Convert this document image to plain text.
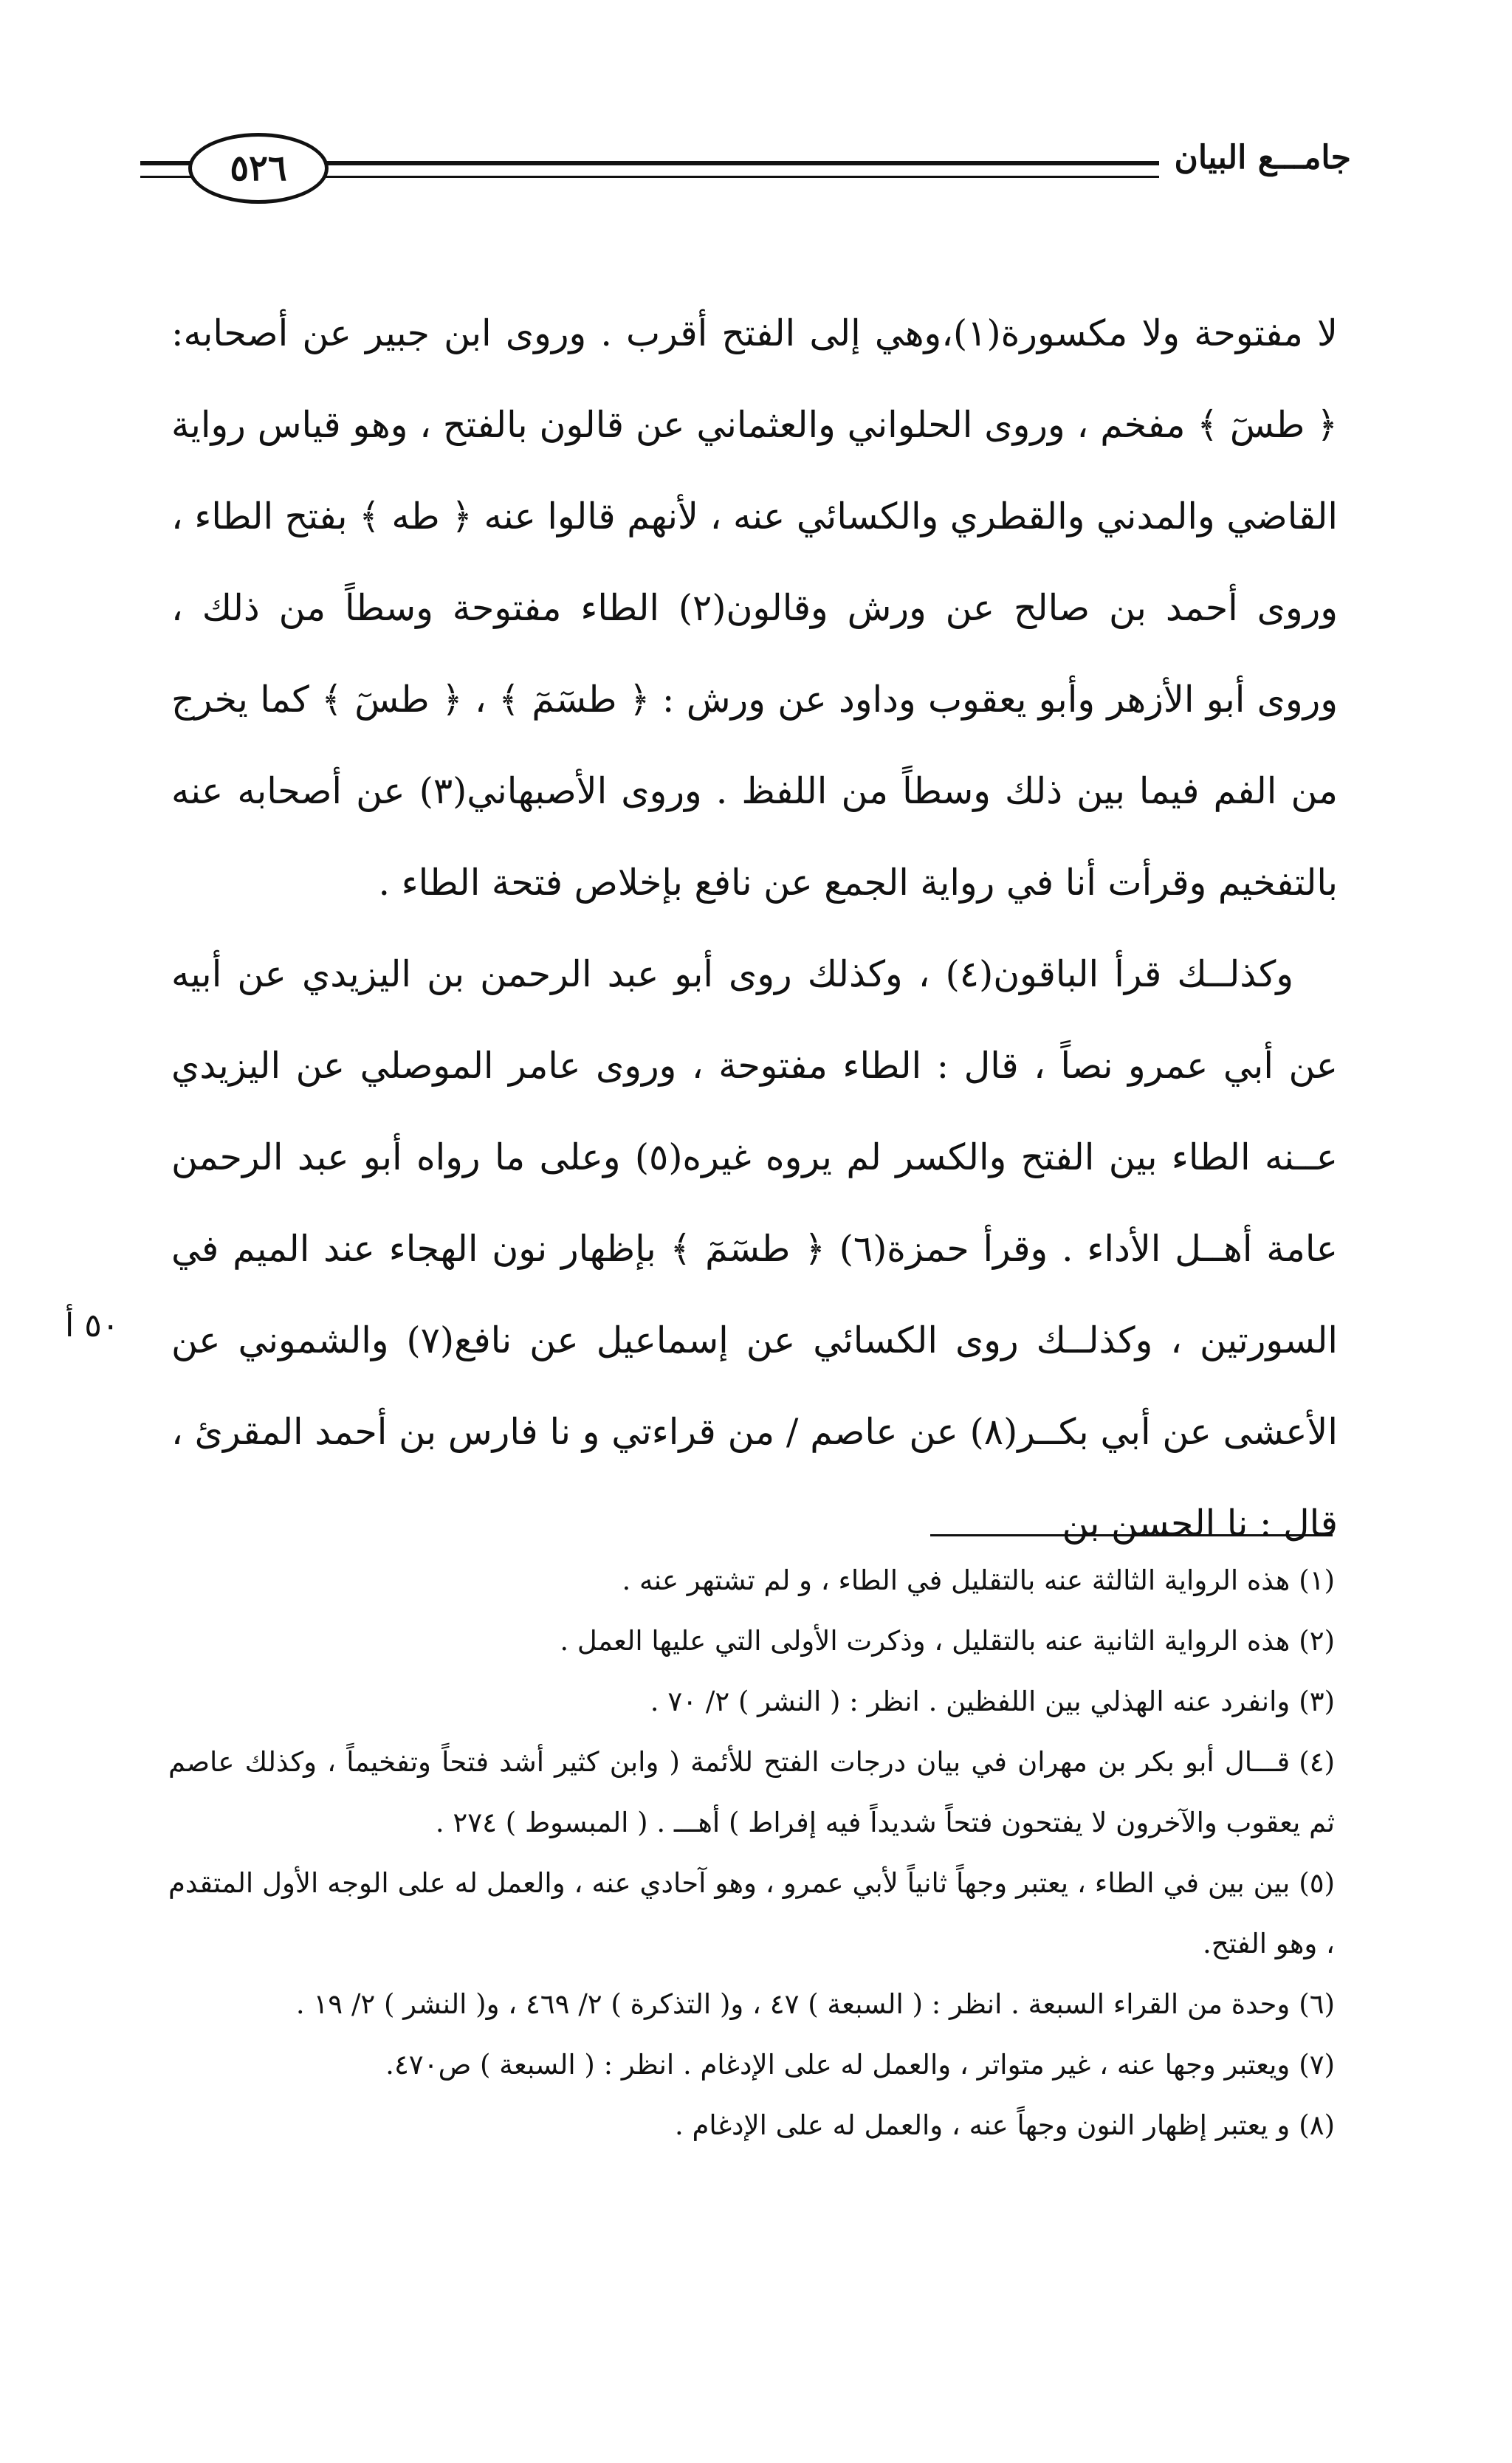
٥٢٦	جامـــع البيان

لا مفتوحة ولا مكسورة(١)،وهي إلى الفتح أقرب . وروى ابن جبير عن أصحابه: ﴿ طسٓ ﴾ مفخم ، وروى الحلواني والعثماني عن قالون بالفتح ، وهو قياس رواية القاضي والمدني والقطري والكسائي عنه ، لأنهم قالوا عنه ﴿ طه ﴾ بفتح الطاء ، وروى أحمد بن صالح عن ورش وقالون(٢) الطاء مفتوحة وسطاً من ذلك ، وروى أبو الأزهر وأبو يعقوب وداود عن ورش : ﴿ طسٓمٓ ﴾ ، ﴿ طسٓ ﴾ كما يخرج من الفم فيما بين ذلك وسطاً من اللفظ . وروى الأصبهاني(٣) عن أصحابه عنه بالتفخيم وقرأت أنا في رواية الجمع عن نافع بإخلاص فتحة الطاء .

وكذلــك قرأ الباقون(٤) ، وكذلك روى أبو عبد الرحمن بن اليزيدي عن أبيه عن أبي عمرو نصاً ، قال : الطاء مفتوحة ، وروى عامر الموصلي عن اليزيدي عــنه الطاء بين الفتح والكسر لم يروه غيره(٥) وعلى ما رواه أبو عبد الرحمن عامة أهــل الأداء . وقرأ حمزة(٦) ﴿ طسٓمٓ ﴾ بإظهار نون الهجاء عند الميم في السورتين ، وكذلــك روى الكسائي عن إسماعيل عن نافع(٧) والشموني عن الأعشى عن أبي بكــر(٨) عن عاصم / من قراءتي و نا فارس بن أحمد المقرئ ، قال : نا الحسن بن

٥٠ أ

(١)هذه الرواية الثالثة عنه بالتقليل في الطاء ، و لم تشتهر عنه .

(٢)هذه الرواية الثانية عنه بالتقليل ، وذكرت الأولى التي عليها العمل .

(٣)وانفرد عنه الهذلي بين اللفظين . انظر : ( النشر ) ٢/ ٧٠ .

(٤)قـــال أبو بكر بن مهران في بيان درجات الفتح للأئمة ( وابن كثير أشد فتحاً وتفخيماً ، وكذلك عاصم ثم يعقوب والآخرون لا يفتحون فتحاً شديداً فيه إفراط ) أهـــ . ( المبسوط ) ٢٧٤ .

(٥)بين بين في الطاء ، يعتبر وجهاً ثانياً لأبي عمرو ، وهو آحادي عنه ، والعمل له على الوجه الأول المتقدم ، وهو الفتح.

(٦)وحدة من القراء السبعة . انظر : ( السبعة ) ٤٧ ، و( التذكرة ) ٢/ ٤٦٩ ، و( النشر ) ٢/ ١٩ .

(٧)ويعتبر وجها عنه ، غير متواتر ، والعمل له على الإدغام . انظر : ( السبعة ) ص٤٧٠.

(٨)و يعتبر إظهار النون وجهاً عنه ، والعمل له على الإدغام .
